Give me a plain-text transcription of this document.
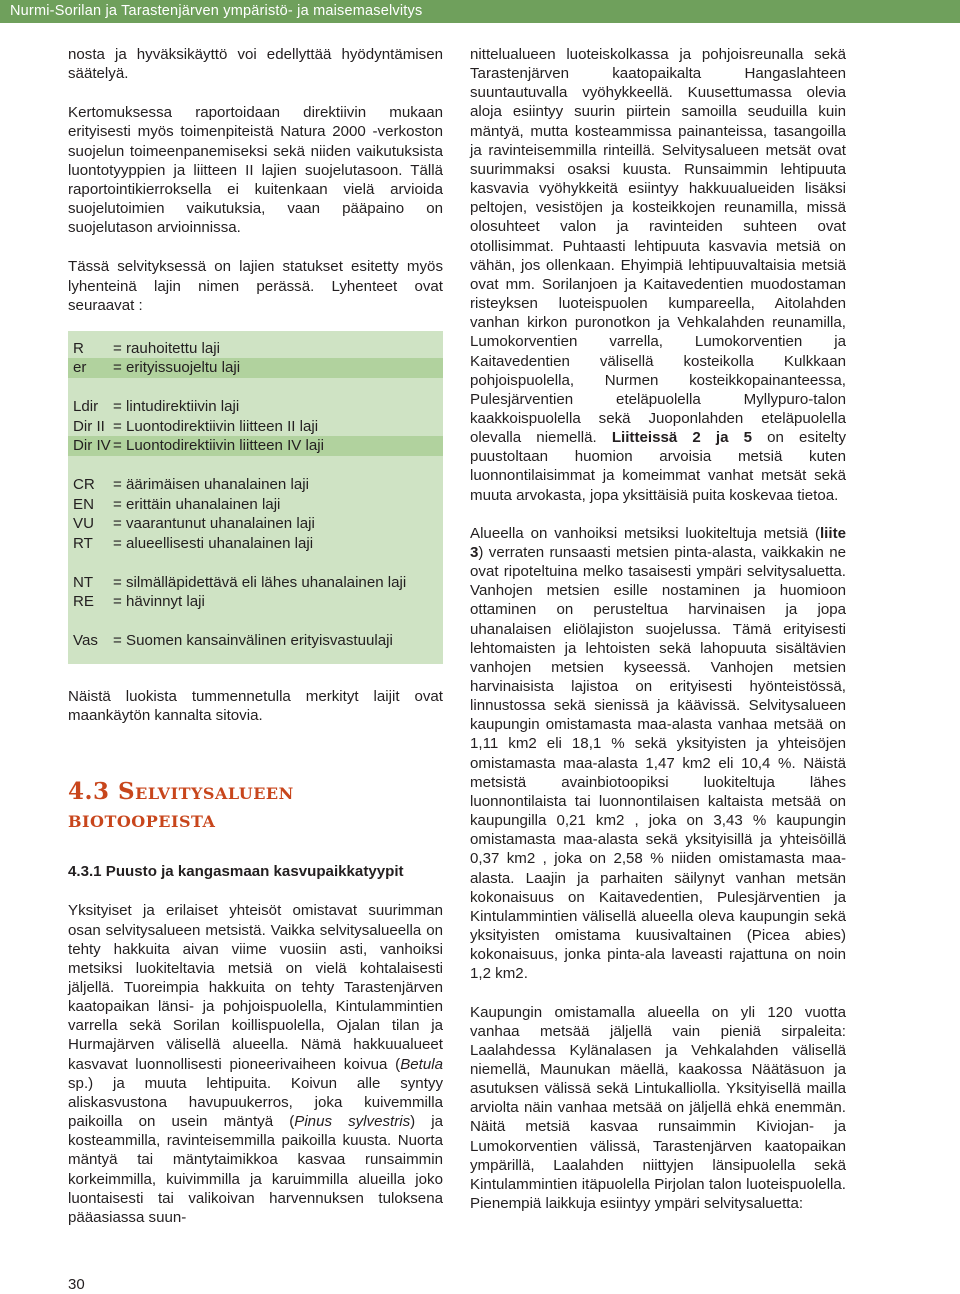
Nurmi-Sorilan ja Tarastenjärven ympäristö- ja maisemaselvitys

nosta ja hyväksikäyttö voi edellyttää hyödyntämisen säätelyä.

Kertomuksessa raportoidaan direktiivin mukaan erityisesti myös toimenpiteistä Natura 2000 -verkoston suojelun toimeenpanemiseksi sekä niiden vaikutuksista luontotyyppien ja liitteen II lajien suojelutasoon. Tällä raportointikierroksella ei kuitenkaan vielä arvioida suojelutoimien vaikutuksia, vaan pääpaino on suojelutason arvioinnissa.

Tässä selvityksessä on lajien statukset esitetty myös lyhenteinä lajin nimen perässä. Lyhenteet ovat seuraavat :

R	= rauhoitettu laji
er	= erityissuojeltu laji
Ldir = lintudirektiivin laji
Dir II = Luontodirektiivin liitteen II laji
Dir IV = Luontodirektiivin liitteen IV laji
CR	= äärimäisen uhanalainen laji
EN	= erittäin uhanalainen laji
VU	= vaarantunut uhanalainen laji
RT	= alueellisesti uhanalainen laji
NT	= silmälläpidettävä eli lähes uhanalainen laji
RE	= hävinnyt laji
Vas	= Suomen kansainvälinen erityisvastuulaji

Näistä luokista tummennetulla merkityt laijit ovat maankäytön kannalta sitovia.

4.3 Selvitysalueen biotoopeista
4.3.1 Puusto ja kangasmaan kasvupaikkatyypit

Yksityiset ja erilaiset yhteisöt omistavat suurimman osan selvitysalueen metsistä. Vaikka selvitysalueella on tehty hakkuita aivan viime vuosiin asti, vanhoiksi metsiksi luokiteltavia metsiä on vielä kohtalaisesti jäljellä. Tuoreimpia hakkuita on tehty Tarastenjärven kaatopaikan länsi- ja pohjoispuolella, Kintulammintien varrella sekä Sorilan koillispuolella, Ojalan tilan ja Hurmajärven välisellä alueella. Nämä hakkuualueet kasvavat luonnollisesti pioneerivaiheen koivua (Betula sp.) ja muuta lehtipuita. Koivun alle syntyy aliskasvustona havupuukerros, joka kuivemmilla paikoilla on usein mäntyä (Pinus sylvestris) ja kosteammilla, ravinteisemmilla paikoilla kuusta. Nuorta mäntyä tai mäntytaimikkoa kasvaa runsaimmin korkeimmilla, kuivimmilla ja karuimmilla alueilla joko luontaisesti tai valikoivan harvennuksen tuloksena pääasiassa suun-

nittelualueen luoteiskolkassa ja pohjoisreunalla sekä Tarastenjärven kaatopaikalta Hangaslahteen suuntautuvalla vyöhykkeellä. Kuusettumassa olevia aloja esiintyy suurin piirtein samoilla seuduilla kuin mäntyä, mutta kosteammissa painanteissa, tasangoilla ja ravinteisemmilla rinteillä. Selvitysalueen metsät ovat suurimmaksi osaksi kuusta. Runsaimmin lehtipuuta kasvavia vyöhykkeitä esiintyy hakkuualueiden lisäksi peltojen, vesistöjen ja kosteikkojen reunamilla, missä olosuhteet valon ja ravinteiden suhteen ovat otollisimmat. Puhtaasti lehtipuuta kasvavia metsiä on vähän, jos ollenkaan. Ehyimpiä lehtipuuvaltaisia metsiä ovat mm. Sorilanjoen ja Kaitavedentien muodostaman risteyksen luoteispuolen kumpareella, Aitolahden vanhan kirkon puronotkon ja Vehkalahden reunamilla, Lumokorventien varrella, Lumokorventien ja Kaitavedentien välisellä kosteikolla Kulkkaan pohjoispuolella, Nurmen kosteikkopainanteessa, Pulesjärventien eteläpuolella Myllypuro-talon kaakkoispuolella sekä Juoponlahden eteläpuolella olevalla niemellä. Liitteissä 2 ja 5 on esitelty puustoltaan huomion arvoisia metsiä kuten luonnontilaisimmat ja komeimmat vanhat metsät sekä muuta arvokasta, jopa yksittäisiä puita koskevaa tietoa.

Alueella on vanhoiksi metsiksi luokiteltuja metsiä (liite 3) verraten runsaasti metsien pinta-alasta, vaikkakin ne ovat ripoteltuina melko tasaisesti ympäri selvitysaluetta. Vanhojen metsien esille nostaminen ja huomioon ottaminen on perusteltua harvinaisen ja jopa uhanalaisen eliölajiston suojelussa. Tämä erityisesti lehtomaisten ja lehtoisten sekä lahopuuta sisältävien vanhojen metsien kyseessä. Vanhojen metsien harvinaisista lajistoa on erityisesti hyönteistössä, linnustossa sekä sienissä ja käävissä. Selvitysalueen kaupungin omistamasta maa-alasta vanhaa metsää on 1,11 km2 eli 18,1 % sekä yksityisten ja yhteisöjen omistamasta maa-alasta 1,47 km2 eli 10,4 %. Näistä metsistä avainbiotoopiksi luokiteltuja lähes luonnontilaista tai luonnontilaisen kaltaista metsää on kaupungilla 0,21 km2 , joka on 3,43 % kaupungin omistamasta maa-alasta sekä yksityisillä ja yhteisöillä 0,37 km2 , joka on 2,58 % niiden omistamasta maa-alasta. Laajin ja parhaiten säilynyt vanhan metsän kokonaisuus on Kaitavedentien, Pulesjärventien ja Kintulammintien välisellä alueella oleva kaupungin sekä yksityisten omistama kuusivaltainen (Picea abies) kokonaisuus, jonka pinta-ala laveasti rajattuna on noin 1,2 km2.

Kaupungin omistamalla alueella on yli 120 vuotta vanhaa metsää jäljellä vain pieniä sirpaleita: Laalahdessa Kylänalasen ja Vehkalahden välisellä niemellä, Maunukan mäellä, kaakossa Näätäsuon ja asutuksen välissä sekä Lintukalliolla. Yksityisellä mailla arviolta näin vanhaa metsää on jäljellä ehkä enemmän. Näitä metsiä kasvaa runsaimmin Kiviojan- ja Lumokorventien välissä, Tarastenjärven kaatopaikan ympärillä, Laalahden niittyjen länsipuolella sekä Kintulammintien itäpuolella Pirjolan talon luoteispuolella. Pienempiä laikkuja esiintyy ympäri selvitysaluetta:

30
